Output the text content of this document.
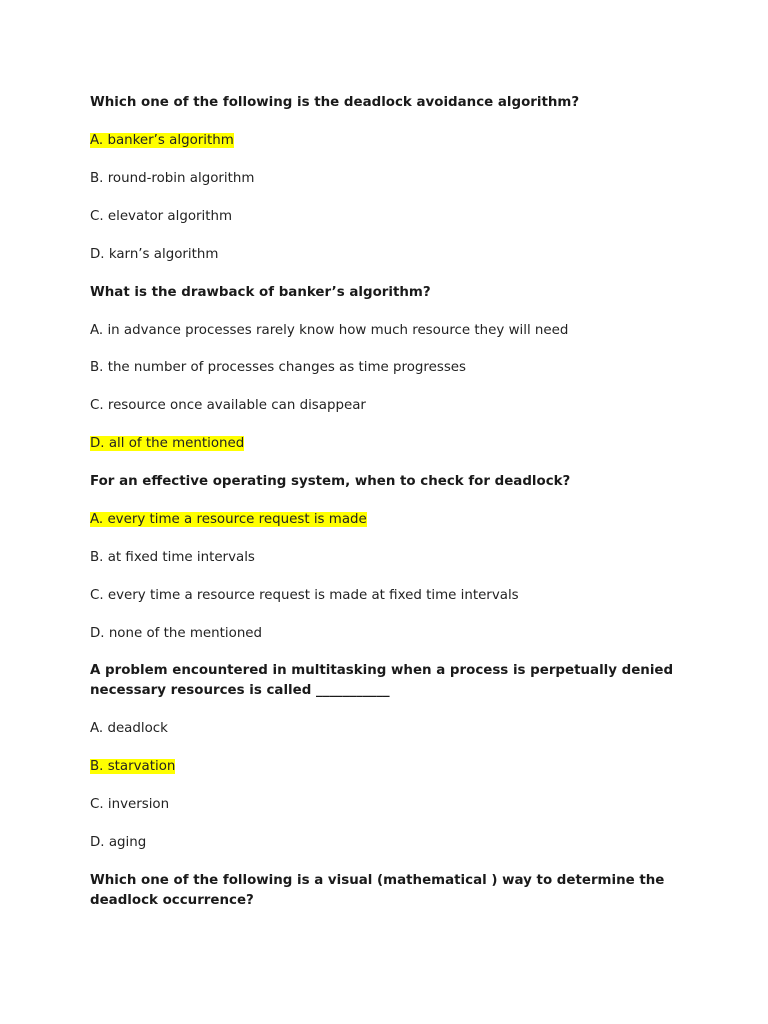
Which one of the following is the deadlock avoidance algorithm?
A. banker’s algorithm
B. round-robin algorithm
C. elevator algorithm
D. karn’s algorithm
What is the drawback of banker’s algorithm?
A. in advance processes rarely know how much resource they will need
B. the number of processes changes as time progresses
C. resource once available can disappear
D. all of the mentioned
For an effective operating system, when to check for deadlock?
A. every time a resource request is made
B. at fixed time intervals
C. every time a resource request is made at fixed time intervals
D. none of the mentioned
A problem encountered in multitasking when a process is perpetually denied necessary resources is called ___________
A. deadlock
B. starvation
C. inversion
D. aging
Which one of the following is a visual (mathematical ) way to determine the deadlock occurrence?
